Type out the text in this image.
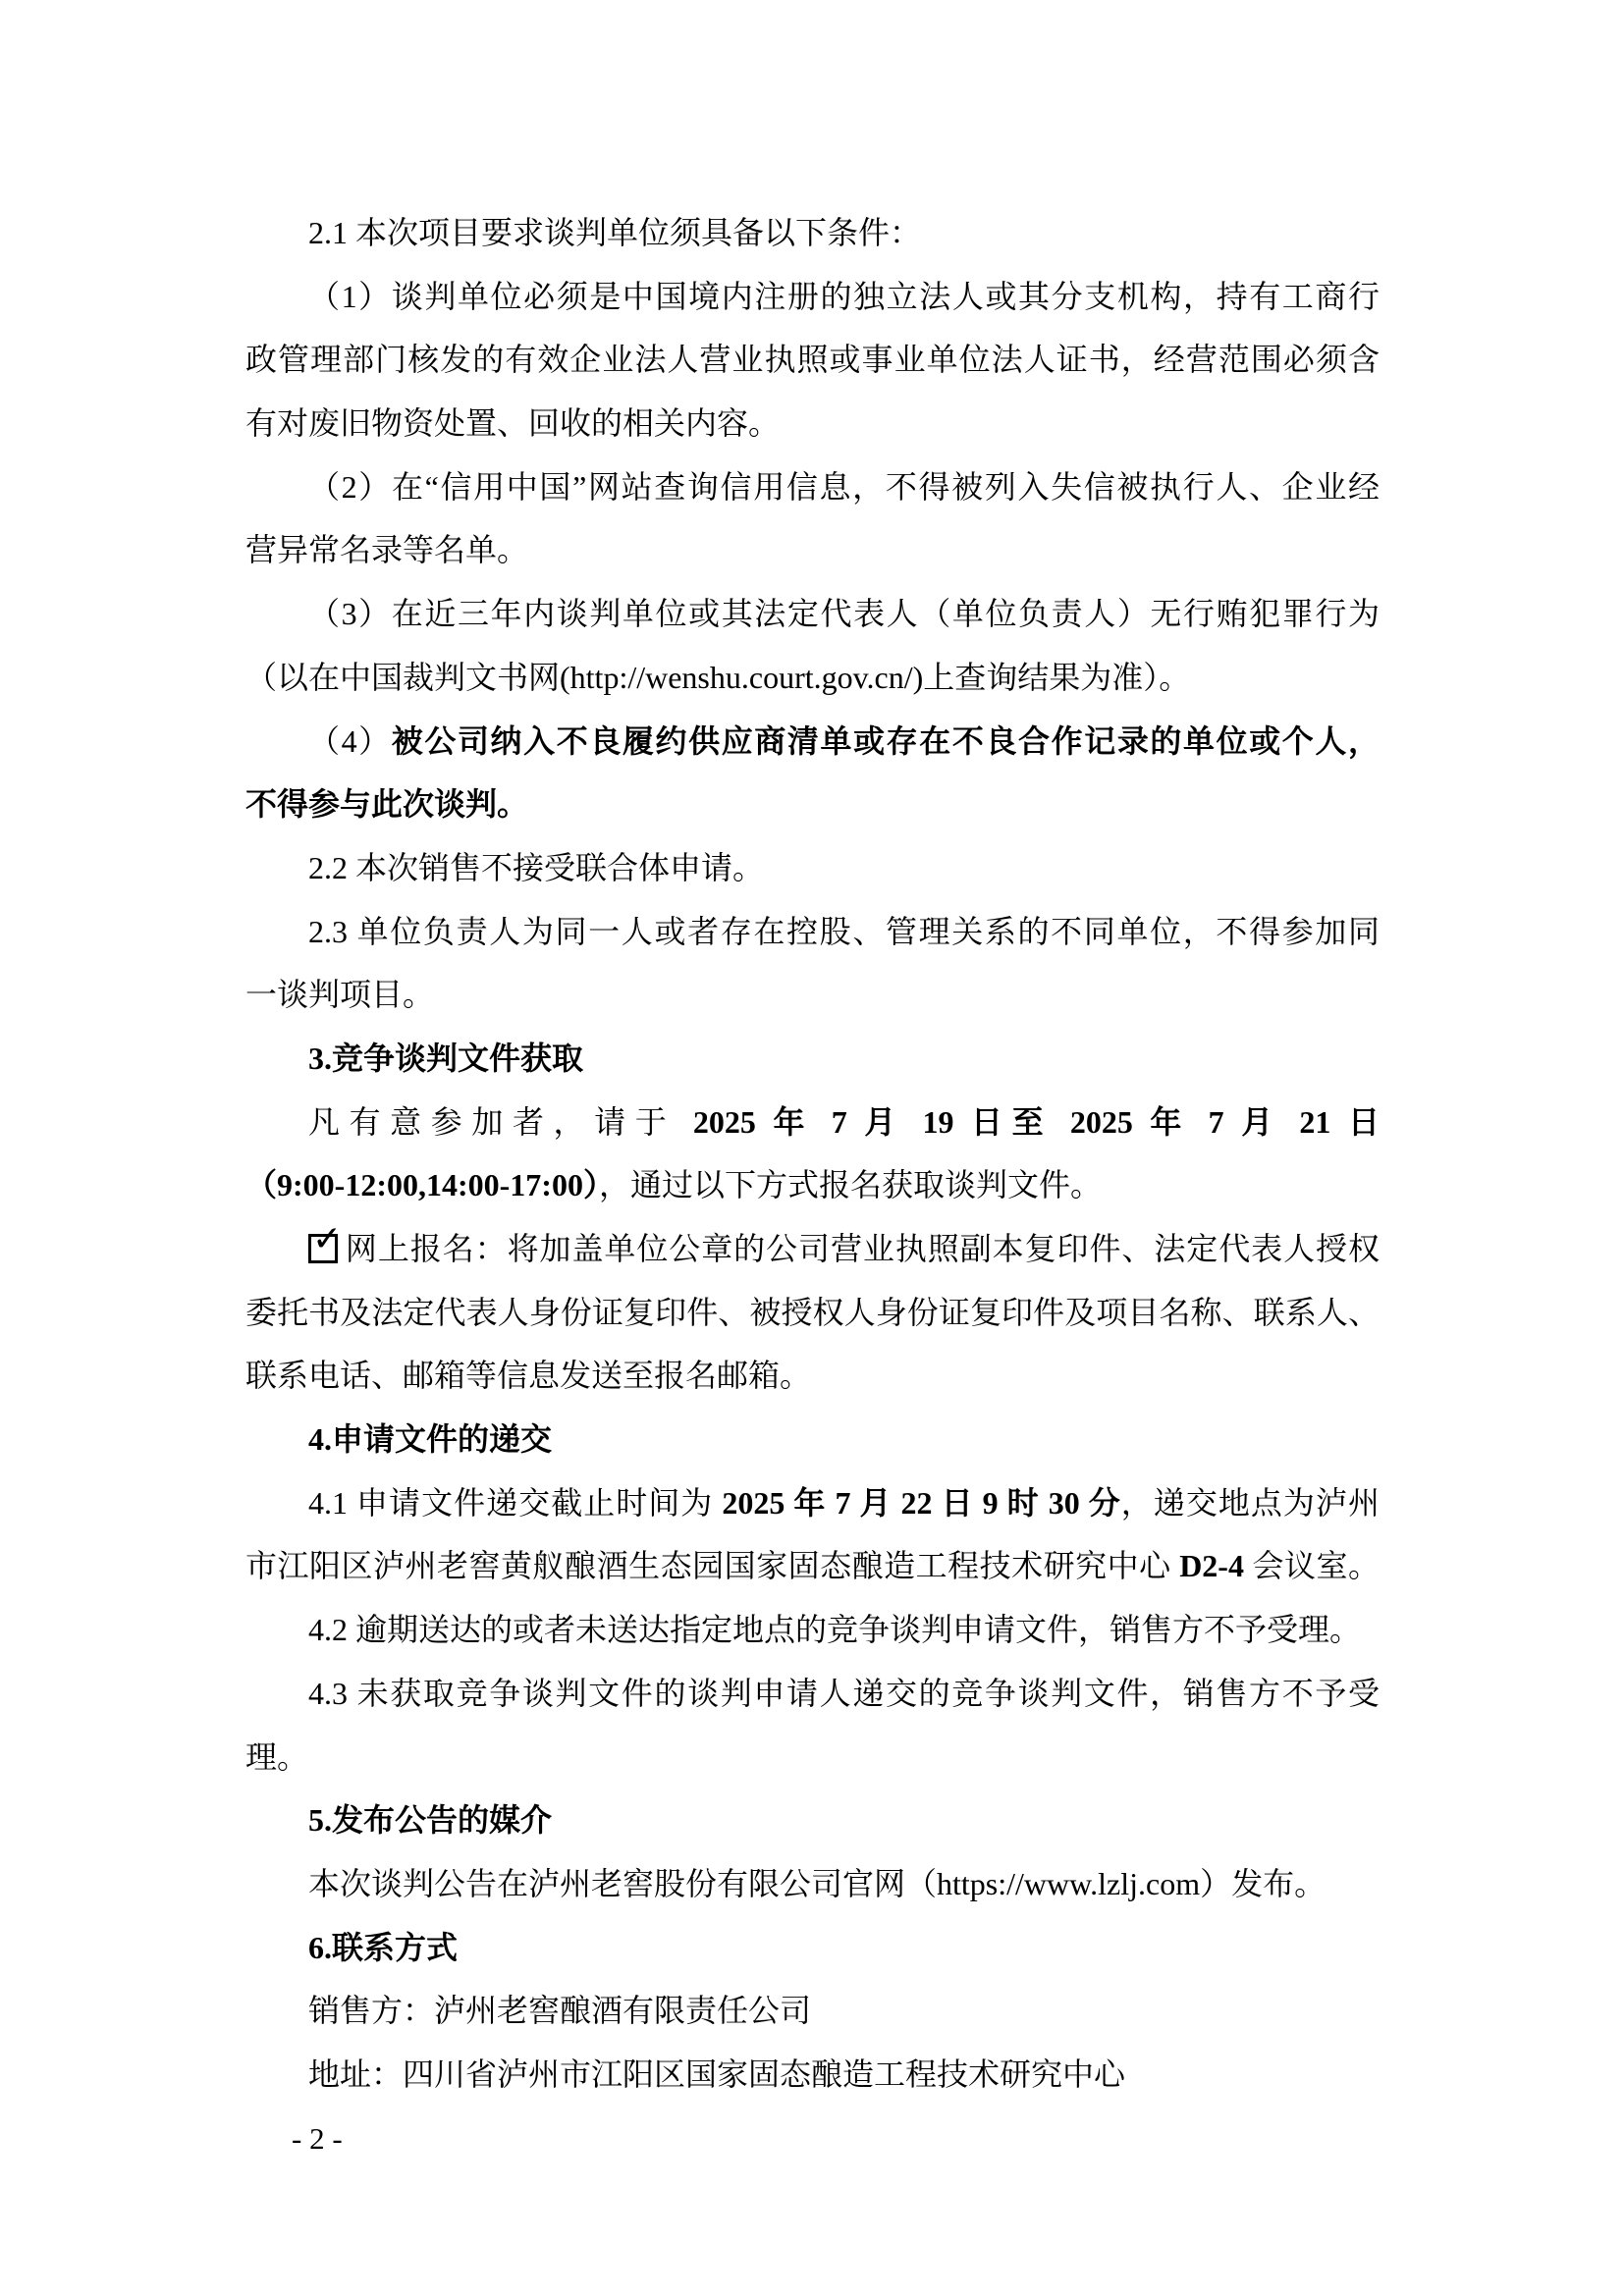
2.1 本次项目要求谈判单位须具备以下条件：
（1）谈判单位必须是中国境内注册的独立法人或其分支机构，持有工商行
政管理部门核发的有效企业法人营业执照或事业单位法人证书，经营范围必须含
有对废旧物资处置、回收的相关内容。
（2）在“信用中国”网站查询信用信息，不得被列入失信被执行人、企业经
营异常名录等名单。
（3）在近三年内谈判单位或其法定代表人（单位负责人）无行贿犯罪行为
（以在中国裁判文书网(http://wenshu.court.gov.cn/)上查询结果为准）。
（4）被公司纳入不良履约供应商清单或存在不良合作记录的单位或个人，
不得参与此次谈判。
2.2 本次销售不接受联合体申请。
2.3 单位负责人为同一人或者存在控股、管理关系的不同单位，不得参加同
一谈判项目。
3.竞争谈判文件获取
凡有意参加者，请于 2025 年 7 月 19 日至 2025 年 7 月 21 日
（9:00-12:00,14:00-17:00），通过以下方式报名获取谈判文件。
✓ 网上报名：将加盖单位公章的公司营业执照副本复印件、法定代表人授权
委托书及法定代表人身份证复印件、被授权人身份证复印件及项目名称、联系人、
联系电话、邮箱等信息发送至报名邮箱。
4.申请文件的递交
4.1 申请文件递交截止时间为 2025 年 7 月 22 日 9 时 30 分，递交地点为泸州
市江阳区泸州老窖黄舣酿酒生态园国家固态酿造工程技术研究中心 D2-4 会议室。
4.2 逾期送达的或者未送达指定地点的竞争谈判申请文件，销售方不予受理。
4.3 未获取竞争谈判文件的谈判申请人递交的竞争谈判文件，销售方不予受
理。
5.发布公告的媒介
本次谈判公告在泸州老窖股份有限公司官网（https://www.lzlj.com）发布。
6.联系方式
销售方：泸州老窖酿酒有限责任公司
地址：四川省泸州市江阳区国家固态酿造工程技术研究中心
- 2 -
